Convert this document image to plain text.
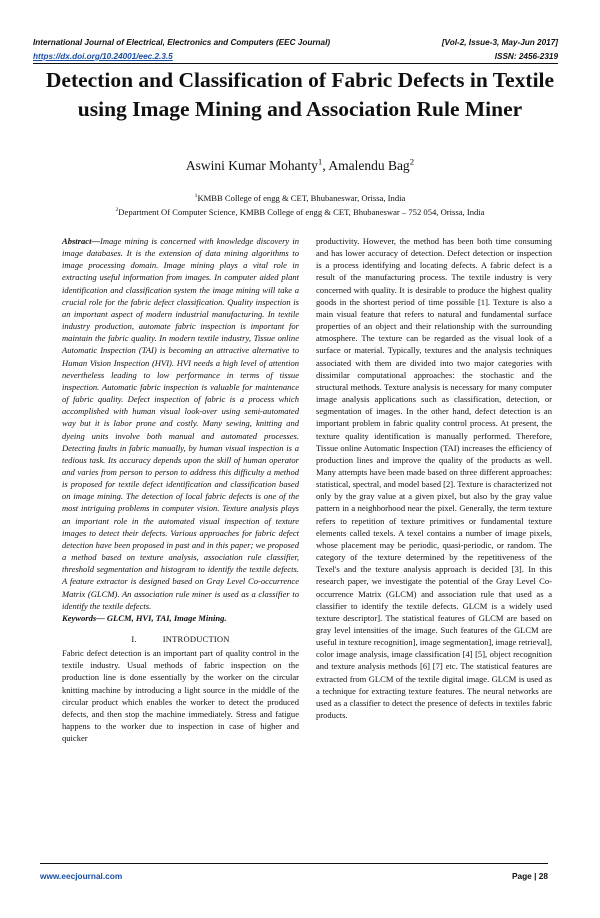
International Journal of Electrical, Electronics and Computers (EEC Journal)	[Vol-2, Issue-3, May-Jun 2017]
https://dx.doi.org/10.24001/eec.2.3.5	ISSN: 2456-2319
Detection and Classification of Fabric Defects in Textile using Image Mining and Association Rule Miner
Aswini Kumar Mohanty$^1$, Amalendu Bag$^2$
$^1$KMBB College of engg & CET, Bhubaneswar, Orissa, India
$^2$Department Of Computer Science, KMBB College of engg & CET, Bhubaneswar – 752 054, Orissa, India

Abstract—Image mining is concerned with knowledge discovery in image databases. It is the extension of data mining algorithms to image processing domain. Image mining plays a vital role in extracting useful information from images. In computer aided plant identification and classification system the image mining will take a crucial role for the fabric defect classification. Quality inspection is an important aspect of modern industrial manufacturing. In textile industry production, automate fabric inspection is important for maintain the fabric quality. In modern textile industry, Tissue online Automatic Inspection (TAI) is becoming an attractive alternative to Human Vision Inspection (HVI). HVI needs a high level of attention nevertheless leading to low performance in terms of tissue inspection. Automatic fabric inspection is valuable for maintenance of fabric quality. Defect inspection of fabric is a process which accomplished with human visual look-over using semi-automated way but it is labor prone and costly. Many sewing, knitting and dyeing units involve both manual and automated processes. Detecting faults in fabric manually, by human visual inspection is a tedious task. Its accuracy depends upon the skill of human operator and varies from person to person to address this difficulty a method is proposed for textile defect identification and classification based on image mining. The detection of local fabric defects is one of the most intriguing problems in computer vision. Texture analysis plays an important role in the automated visual inspection of texture images to detect their defects. Various approaches for fabric defect detection have been proposed in past and in this paper; we proposed a method based on texture analysis, association rule classifier, threshold segmentation and histogram to identify the textile defects. A feature extractor is designed based on Gray Level Co-occurrence Matrix (GLCM). An association rule miner is used as a classifier to identify the textile defects.

Keywords— GLCM, HVI, TAI, Image Mining.

I.	INTRODUCTION

Fabric defect detection is an important part of quality control in the textile industry. Usual methods of fabric inspection on the production line is done essentially by the worker on the circular knitting machine by introducing a light source in the middle of the circular product which enables the worker to detect the produced defects, and then stop the machine immediately. Stress and fatigue happens to the worker due to inspection in case of higher and quicker

productivity. However, the method has been both time consuming and has lower accuracy of detection. Defect detection or inspection is a process identifying and locating defects. A fabric defect is a result of the manufacturing process. The textile industry is very concerned with quality. It is desirable to produce the highest quality goods in the shortest period of time possible [1]. Texture is also a main visual feature that refers to natural and fundamental surface properties of an object and their relationship with the surrounding atmosphere. The texture can be regarded as the visual look of a surface or material. Typically, textures and the analysis techniques associated with them are divided into two major categories with dissimilar computational approaches: the stochastic and the structural methods. Texture analysis is necessary for many computer image analysis applications such as classification, detection, or segmentation of images. In the other hand, defect detection is an important problem in fabric quality control process. At present, the texture quality identification is manually performed. Therefore, Tissue online Automatic Inspection (TAI) increases the efficiency of production lines and improve the quality of the products as well. Many attempts have been made based on three different approaches: statistical, spectral, and model based [2]. Texture is characterized not only by the gray value at a given pixel, but also by the gray value pattern in a neighborhood near the pixel. Generally, the term texture refers to repetition of texture primitives or fundamental texture elements called texels. A texel contains a number of image pixels, whose placement may be periodic, quasi-periodic, or random. The category of the texture determined by the repetitiveness of the Texel's and the texture analysis approach is decided [3]. In this research paper, we investigate the potential of the Gray Level Co-occurrence Matrix (GLCM) and association rule that used as a classifier to identify the textile defects. GLCM is a widely used texture descriptor]. The statistical features of GLCM are based on gray level intensities of the image. Such features of the GLCM are useful in texture recognition], image segmentation], image retrieval], color image analysis, image classification [4] [5], object recognition and texture analysis methods [6] [7] etc. The statistical features are extracted from GLCM of the textile digital image. GLCM is used as a technique for extracting texture features. The neural networks are used as a classifier to detect the presence of defects in textiles fabric products.

www.eecjournal.com	Page | 28
